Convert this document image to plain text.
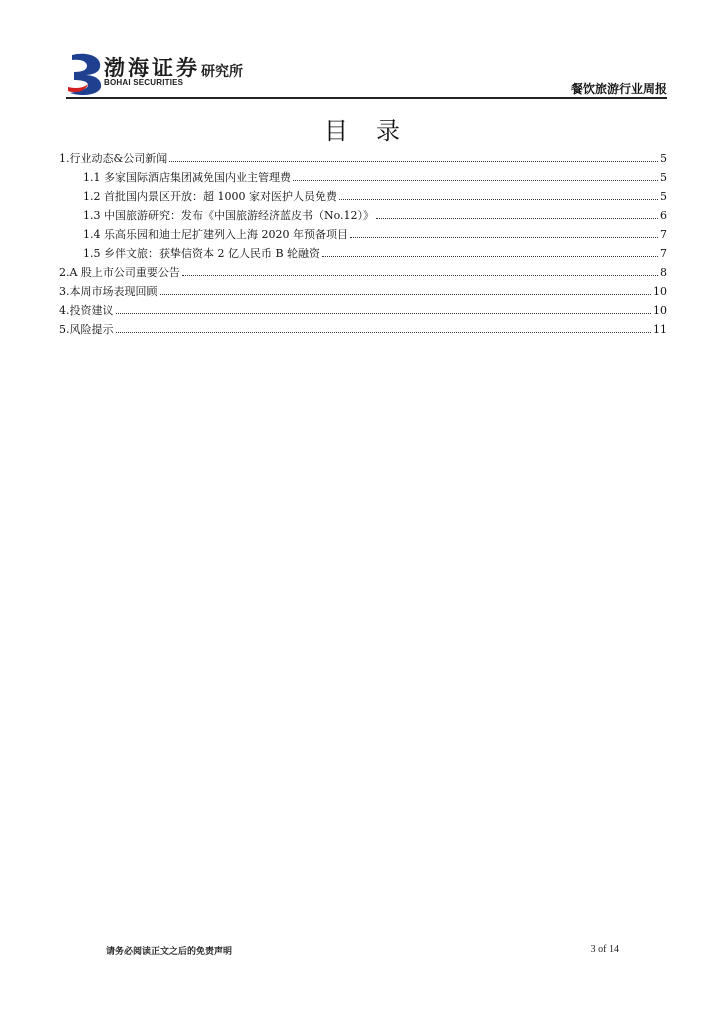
渤海证券
BOHAI SECURITIES
研究所
餐饮旅游行业周报
目录
1.行业动态&公司新闻	5
1.1 多家国际酒店集团减免国内业主管理费	5
1.2 首批国内景区开放：超 1000 家对医护人员免费	5
1.3 中国旅游研究：发布《中国旅游经济蓝皮书（No.12）》	6
1.4 乐高乐园和迪士尼扩建列入上海 2020 年预备项目	7
1.5 乡伴文旅：获挚信资本 2 亿人民币 B 轮融资	7
2.A 股上市公司重要公告	8
3.本周市场表现回顾	10
4.投资建议	10
5.风险提示	11
请务必阅读正文之后的免责声明	3 of 14
